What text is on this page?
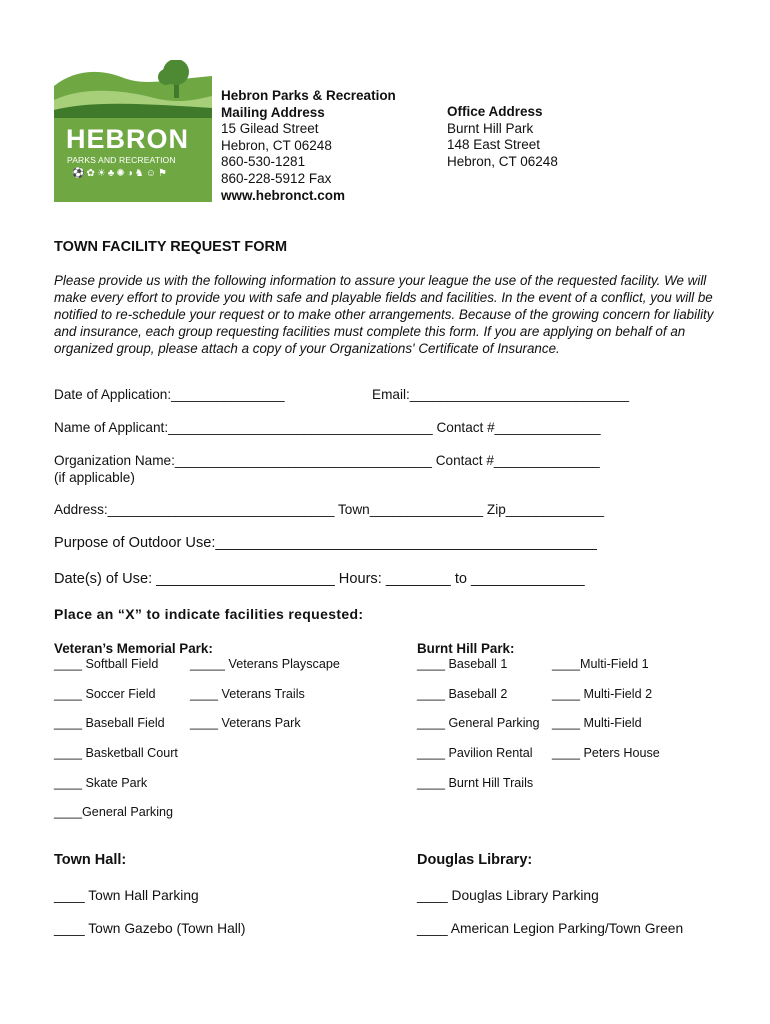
HEBRON
PARKS AND RECREATION
⚽✿☀♣✺◑♞☺⚑
Hebron Parks & Recreation
Mailing Address
15 Gilead Street
Hebron, CT 06248
860-530-1281
860-228-5912 Fax
www.hebronct.com
Office Address
Burnt Hill Park
148 East Street
Hebron, CT 06248
TOWN FACILITY REQUEST FORM
Please provide us with the following information to assure your league the use of the requested facility. We will make every effort to provide you with safe and playable fields and facilities. In the event of a conflict, you will be notified to re-schedule your request or to make other arrangements. Because of the growing concern for liability and insurance, each group requesting facilities must complete this form. If you are applying on behalf of an organized group, please attach a copy of your Organizations' Certificate of Insurance.
Date of Application:_______________	Email:_____________________________
Name of Applicant:___________________________________ Contact #______________
Organization Name:__________________________________ Contact #______________
(if applicable)
Address:______________________________ Town_______________ Zip_____________
Purpose of Outdoor Use:_______________________________________________
Date(s) of Use: ______________________ Hours: ________ to ______________
Place an “X” to indicate facilities requested:
Veteran’s Memorial Park:
____ Softball Field
____ Soccer Field
____ Baseball Field
____ Basketball Court
____ Skate Park
____General Parking
_____ Veterans Playscape
____ Veterans Trails
____ Veterans Park
Burnt Hill Park:
____ Baseball 1
____ Baseball 2
____ General Parking
____ Pavilion Rental
____ Burnt Hill Trails
____Multi-Field 1
____ Multi-Field 2
____ Multi-Field
____ Peters House
Town Hall:
____ Town Hall Parking
____ Town Gazebo (Town Hall)
Douglas Library:
____ Douglas Library Parking
____ American Legion Parking/Town Green
